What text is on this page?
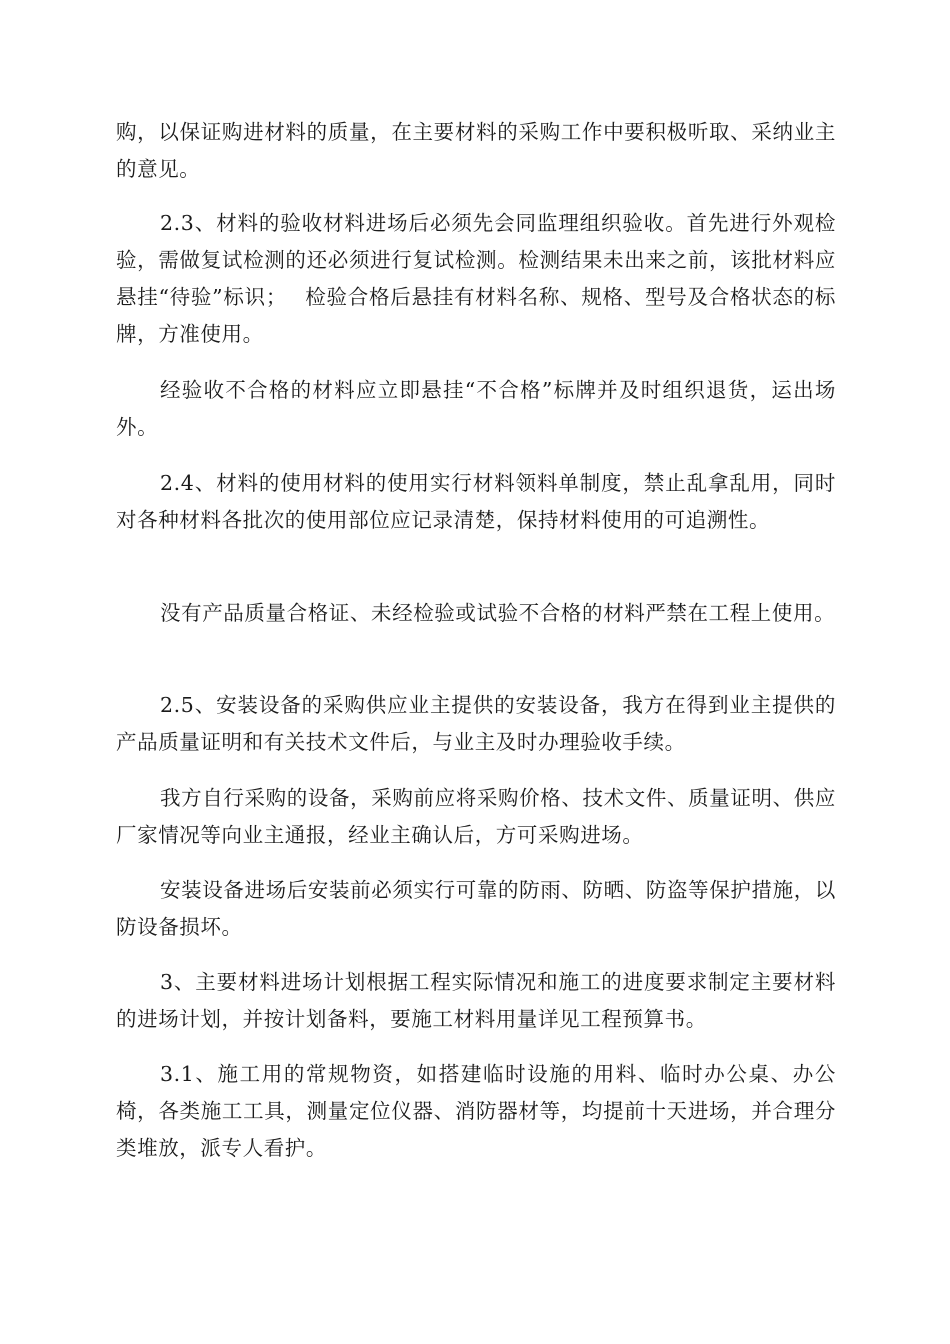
购，以保证购进材料的质量，在主要材料的采购工作中要积极听取、采纳业主的意见。

2.3、材料的验收材料进场后必须先会同监理组织验收。首先进行外观检验，需做复试检测的还必须进行复试检测。检测结果未出来之前，该批材料应悬挂“待验”标识；　 检验合格后悬挂有材料名称、规格、型号及合格状态的标牌，方准使用。

经验收不合格的材料应立即悬挂“不合格”标牌并及时组织退货，运出场外。

2.4、材料的使用材料的使用实行材料领料单制度，禁止乱拿乱用，同时对各种材料各批次的使用部位应记录清楚，保持材料使用的可追溯性。

没有产品质量合格证、未经检验或试验不合格的材料严禁在工程上使用。

2.5、安装设备的采购供应业主提供的安装设备，我方在得到业主提供的产品质量证明和有关技术文件后，与业主及时办理验收手续。

我方自行采购的设备，采购前应将采购价格、技术文件、质量证明、供应厂家情况等向业主通报，经业主确认后，方可采购进场。

安装设备进场后安装前必须实行可靠的防雨、防晒、防盗等保护措施，以防设备损坏。

3、主要材料进场计划根据工程实际情况和施工的进度要求制定主要材料的进场计划，并按计划备料，要施工材料用量详见工程预算书。

3.1、施工用的常规物资，如搭建临时设施的用料、临时办公桌、办公椅，各类施工工具，测量定位仪器、消防器材等，均提前十天进场，并合理分类堆放，派专人看护。
